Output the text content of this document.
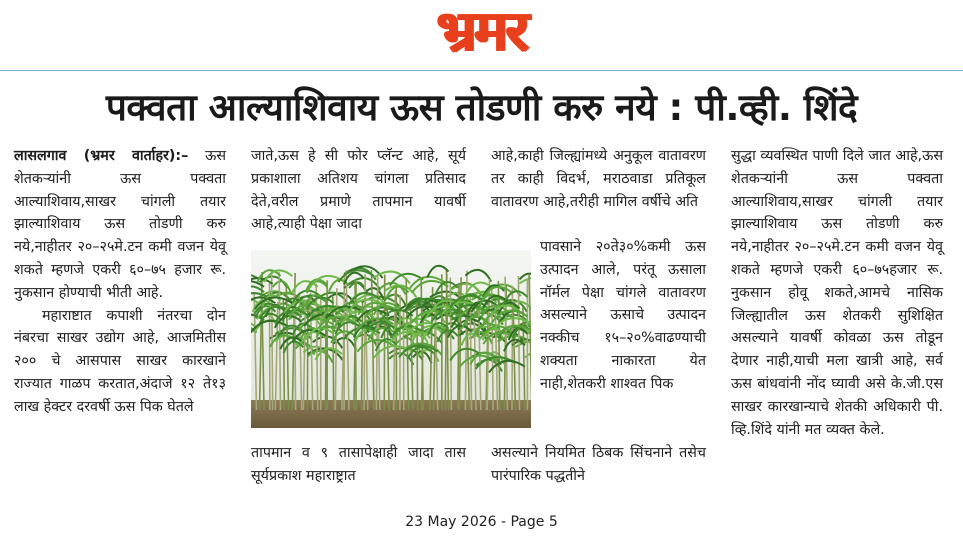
भ्रमर
पक्वता आल्याशिवाय ऊस तोडणी करु नये : पी.व्ही. शिंदे

लासलगाव (भ्रमर वार्ताहर):– ऊस शेतकऱ्यांनी ऊस पक्वता आल्याशिवाय,साखर चांगली तयार झाल्याशिवाय ऊस तोडणी करु नये,नाहीतर २०–२५मे.टन कमी वजन येवू शकते म्हणजे एकरी ६०–७५ हजार रू. नुकसान होण्याची भीती आहे.

महाराष्टात कपाशी नंतरचा दोन नंबरचा साखर उद्योग आहे, आजमितीस २०० चे आसपास साखर कारखाने राज्यात गाळप करतात,अंदाजे १२ ते१३ लाख हेक्टर दरवर्षी ऊस पिक घेतले

जाते,ऊस हे सी फोर प्लॅन्ट आहे, सूर्य प्रकाशाला अतिशय चांगला प्रतिसाद देते,वरील प्रमाणे तापमान यावर्षी आहे,त्याही पेक्षा जादा
तापमान व ९ तासापेक्षाही जादा तास सूर्यप्रकाश महाराष्ट्रात
आहे,काही जिल्ह्यांमध्ये अनुकूल वातावरण तर काही विदर्भ, मराठवाडा प्रतिकूल वातावरण आहे,तरीही मागिल वर्षीचे अति
पावसाने २०ते३०%कमी ऊस उत्पादन आले, परंतू ऊसाला नॉर्मल पेक्षा चांगले वातावरण असल्याने ऊसाचे उत्पादन नक्कीच १५–२०%वाढण्याची शक्यता नाकारता येत नाही,शेतकरी शाश्वत पिक
असल्याने नियमित ठिबक सिंचनाने तसेच पारंपारिक पद्धतीने
सुद्धा व्यवस्थित पाणी दिले जात आहे,ऊस शेतकऱ्यांनी ऊस पक्वता आल्याशिवाय,साखर चांगली तयार झाल्याशिवाय ऊस तोडणी करु नये,नाहीतर २०–२५मे.टन कमी वजन येवू शकते म्हणजे एकरी ६०–७५हजार रू. नुकसान होवू शकते,आमचे नासिक जिल्ह्यातील ऊस शेतकरी सुशिक्षित असल्याने यावर्षी कोवळा ऊस तोडून देणार नाही,याची मला खात्री आहे, सर्व ऊस बांधवांनी नोंद घ्यावी असे के.जी.एस साखर कारखान्याचे शेतकी अधिकारी पी. व्हि.शिंदे यांनी मत व्यक्त केले.
23 May 2026 - Page 5
